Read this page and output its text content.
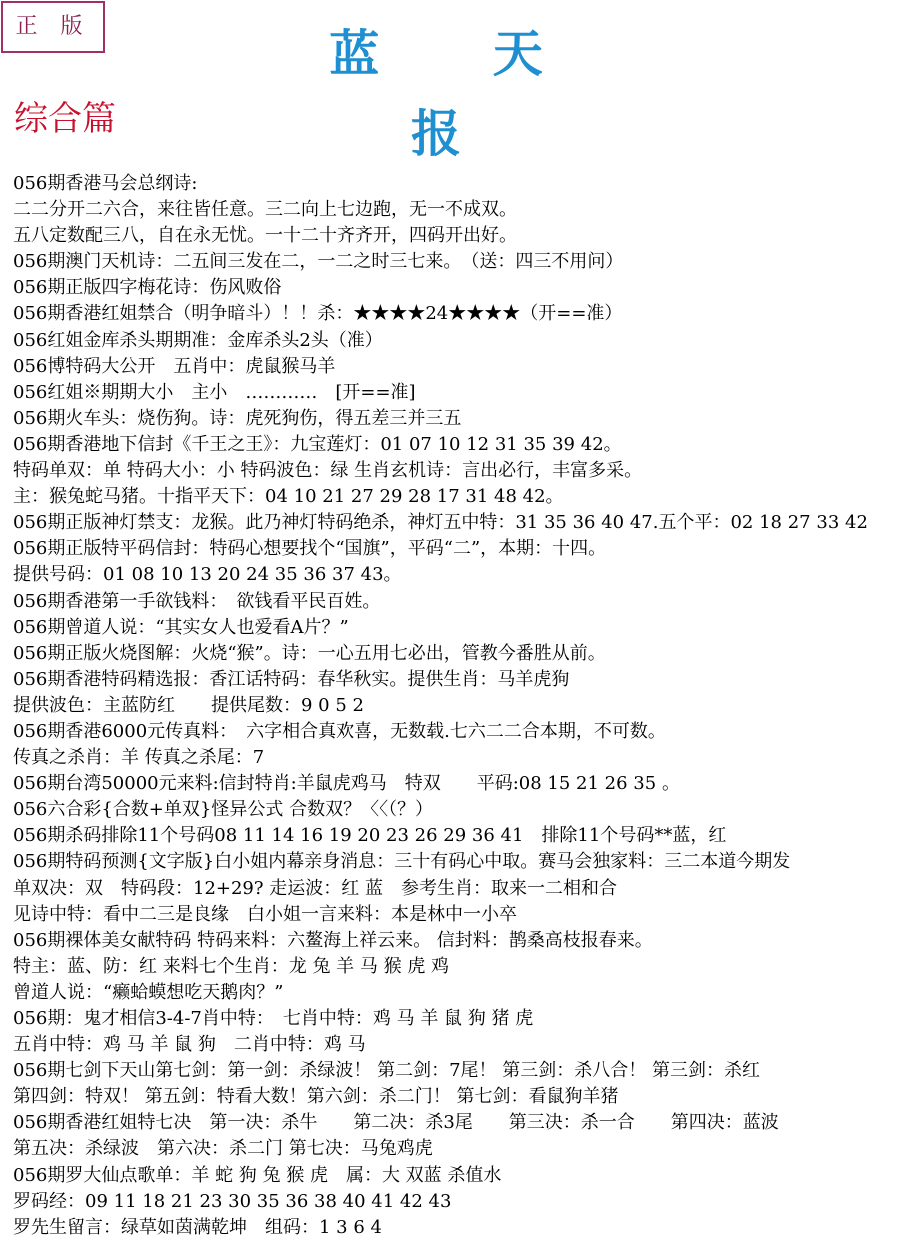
正 版	蓝 天 报
综合篇
056期香港马会总纲诗:
二二分开二六合，来往皆任意。三二向上七边跑，无一不成双。
五八定数配三八，自在永无忧。一十二十齐齐开，四码开出好。
056期澳门天机诗：二五间三发在二，一二之时三七来。　（送：四三不用问）
056期正版四字梅花诗：伤风败俗
056期香港红姐禁合（明争暗斗）！！杀：★★★★24★★★★（开==准）
056红姐金库杀头期期准：金库杀头2头（准）
056博特码大公开　五肖中：虎鼠猴马羊
056红姐※期期大小　主小　…………　[开==准]
056期火车头：烧伤狗。诗：虎死狗伤，得五差三并三五
056期香港地下信封《千王之王》：九宝莲灯：01 07 10 12 31 35 39 42。
特码单双：单 特码大小：小 特码波色：绿 生肖玄机诗：言出必行，丰富多采。
主：猴兔蛇马猪。十指平天下：04 10 21 27 29 28 17 31 48 42。
056期正版神灯禁支：龙猴。此乃神灯特码绝杀，神灯五中特：31 35 36 40 47.五个平：02 18 27 33 42
056期正版特平码信封：特码心想要找个“国旗”，平码“二”，本期：十四。
提供号码：01 08 10 13 20 24 35 36 37 43。
056期香港第一手欲钱料：　欲钱看平民百姓。
056期曾道人说：“其实女人也爱看A片？”
056期正版火烧图解：火烧“猴”。诗：一心五用七必出，管教今番胜从前。
056期香港特码精选报：香江话特码：春华秋实。提供生肖：马羊虎狗
提供波色：主蓝防红　　提供尾数：9 0 5 2
056期香港6000元传真料：　六字相合真欢喜，无数载.七六二二合本期，不可数。
传真之杀肖：羊 传真之杀尾：7
056期台湾50000元来料:信封特肖:羊鼠虎鸡马　特双　　平码:08 15 21 26 35 。
056六合彩{合数+单双}怪异公式 合数双？〈〈（？）
056期杀码排除11个号码08 11 14 16 19 20 23 26 29 36 41　排除11个号码**蓝，红
056期特码预测{文字版}白小姐内幕亲身消息：三十有码心中取。赛马会独家料：三二本道今期发
单双决：双　特码段：12+29? 走运波：红 蓝　参考生肖：取来一二相和合
见诗中特：看中二三是良缘　白小姐一言来料：本是林中一小卒
056期裸体美女献特码 特码来料：六鳌海上祥云来。 信封料：鹊桑高枝报春来。
特主：蓝、防：红 来料七个生肖：龙 兔 羊 马 猴 虎 鸡
曾道人说：“癞蛤蟆想吃天鹅肉？”
056期：鬼才相信3-4-7肖中特：　七肖中特：鸡 马 羊 鼠 狗 猪 虎
五肖中特：鸡 马 羊 鼠 狗　二肖中特：鸡 马
056期七剑下天山第七剑：第一剑：杀绿波！ 第二剑：7尾！ 第三剑：杀八合！ 第三剑：杀红
第四剑：特双！ 第五剑：特看大数！第六剑：杀二门！ 第七剑：看鼠狗羊猪
056期香港红姐特七决　第一决：杀牛　　第二决：杀3尾　　第三决：杀一合　　第四决：蓝波
第五决：杀绿波　第六决：杀二门 第七决：马兔鸡虎
056期罗大仙点歌单：羊 蛇 狗 兔 猴 虎　属：大 双蓝 杀值水
罗码经：09 11 18 21 23 30 35 36 38 40 41 42 43
罗先生留言：绿草如茵满乾坤　组码：1 3 6 4
